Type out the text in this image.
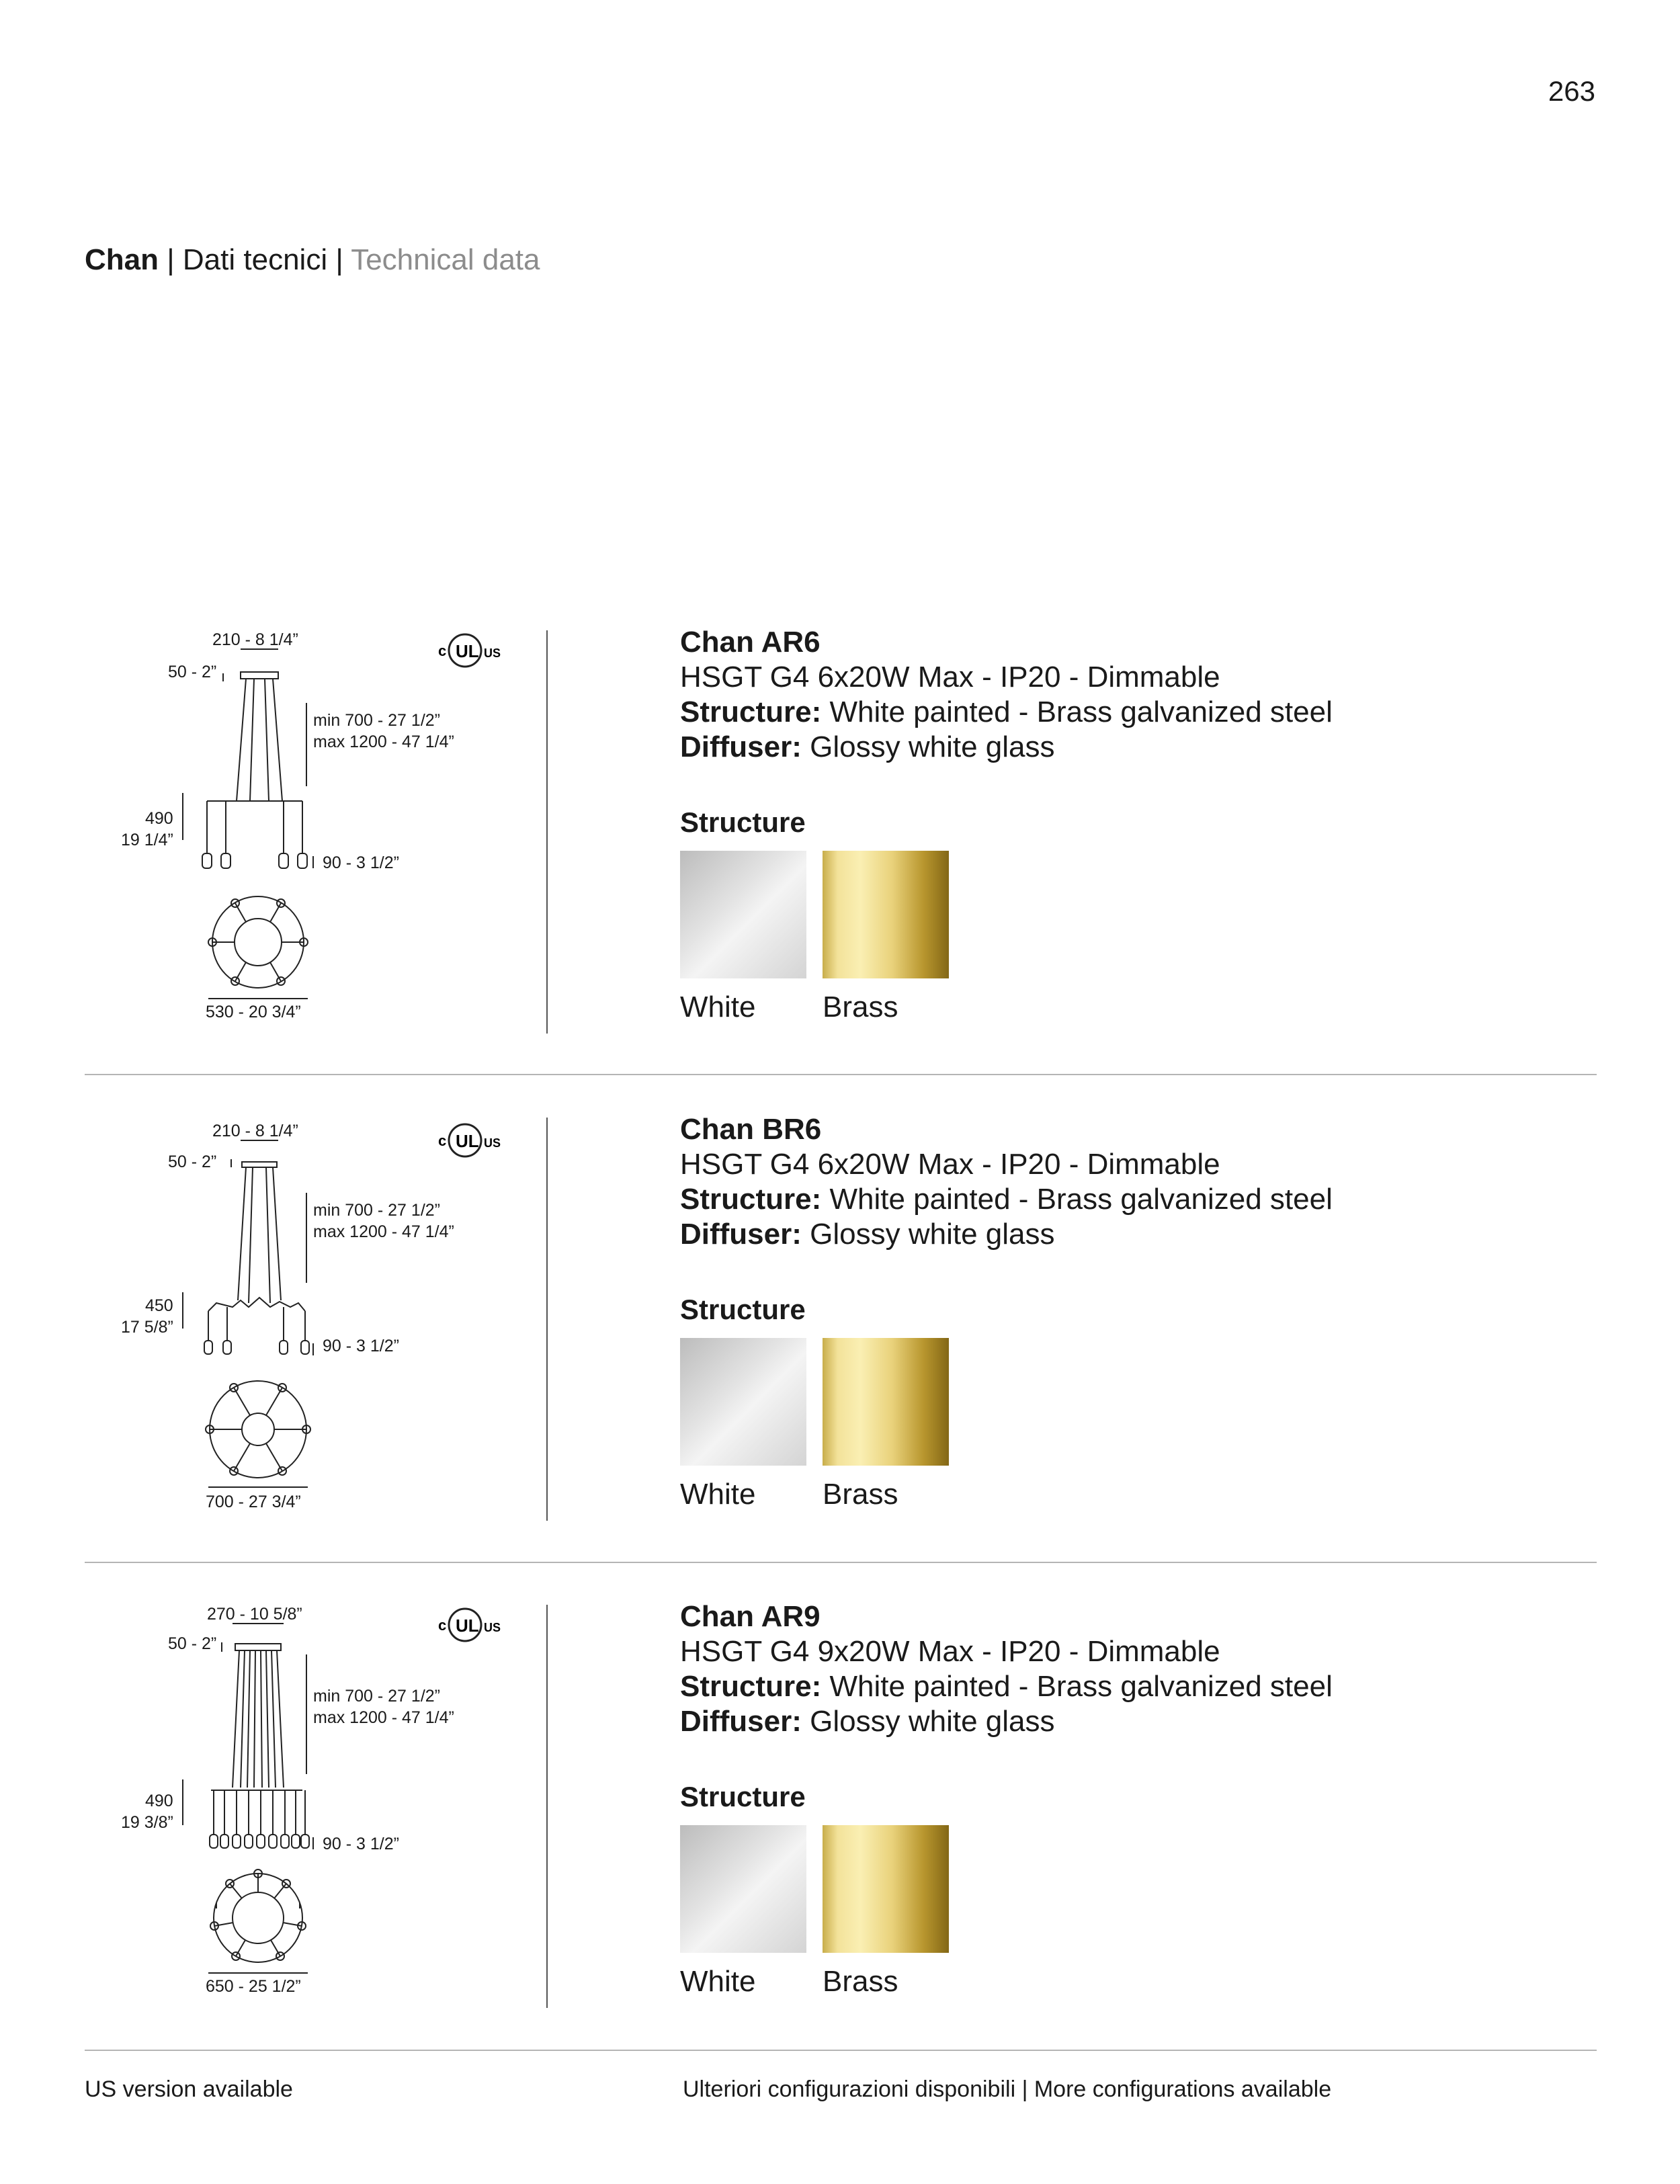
263
Chan | Dati tecnici | Technical data
210 - 8 1/4”
50 - 2”
min 700 - 27 1/2”
max 1200 - 47 1/4”
490
19 1/4”
90 - 3 1/2”
530 - 20 3/4”
c UL US	Chan AR6
HSGT G4 6x20W Max - IP20 - Dimmable
Structure: White painted - Brass galvanized steel
Diffuser: Glossy white glass
Structure
White	Brass
210 - 8 1/4”
50 - 2”
min 700 - 27 1/2”
max 1200 - 47 1/4”
450
17 5/8”
90 - 3 1/2”
700 - 27 3/4”
c UL US	Chan BR6
HSGT G4 6x20W Max - IP20 - Dimmable
Structure: White painted - Brass galvanized steel
Diffuser: Glossy white glass
Structure
White	Brass
270 - 10 5/8”
50 - 2”
min 700 - 27 1/2”
max 1200 - 47 1/4”
490
19 3/8”
90 - 3 1/2”
650 - 25 1/2”
c UL US	Chan AR9
HSGT G4 9x20W Max - IP20 - Dimmable
Structure: White painted - Brass galvanized steel
Diffuser: Glossy white glass
Structure
White	Brass
US version available	Ulteriori configurazioni disponibili | More configurations available
